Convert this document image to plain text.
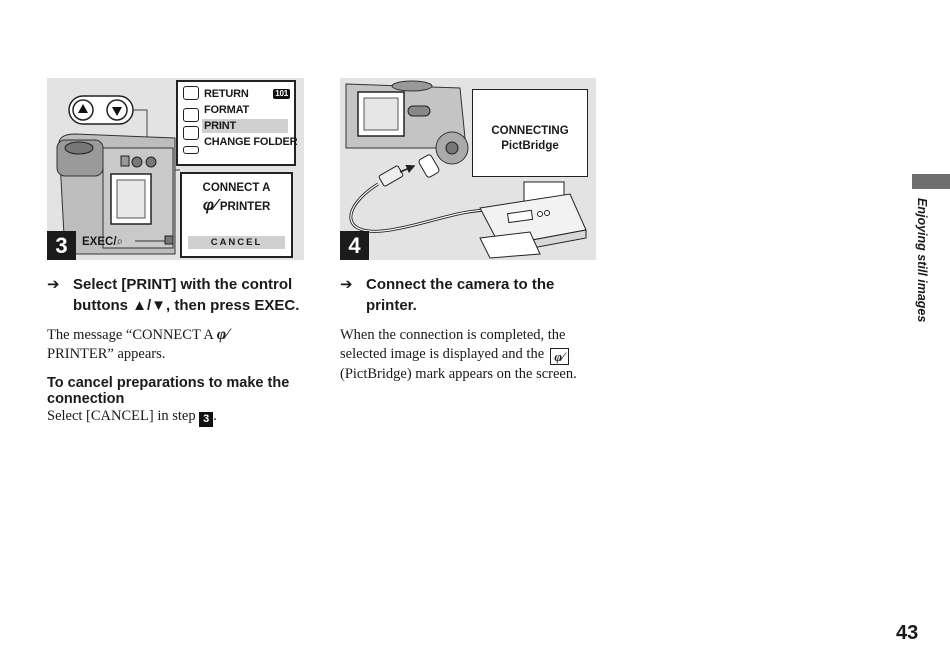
101
RETURN
FORMAT
PRINT
CHANGE FOLDER
CONNECT A
φ∕ PRINTER
CANCEL
3	EXEC/⌕
CONNECTING
PictBridge
4
➔ Select [PRINT] with the control buttons ▲/▼, then press EXEC.
The message “CONNECT A φ∕
PRINTER” appears.
To cancel preparations to make the connection
Select [CANCEL] in step 3 .
➔ Connect the camera to the printer.
When the connection is completed, the selected image is displayed and the φ∕ (PictBridge) mark appears on the screen.
Enjoying still images
43
